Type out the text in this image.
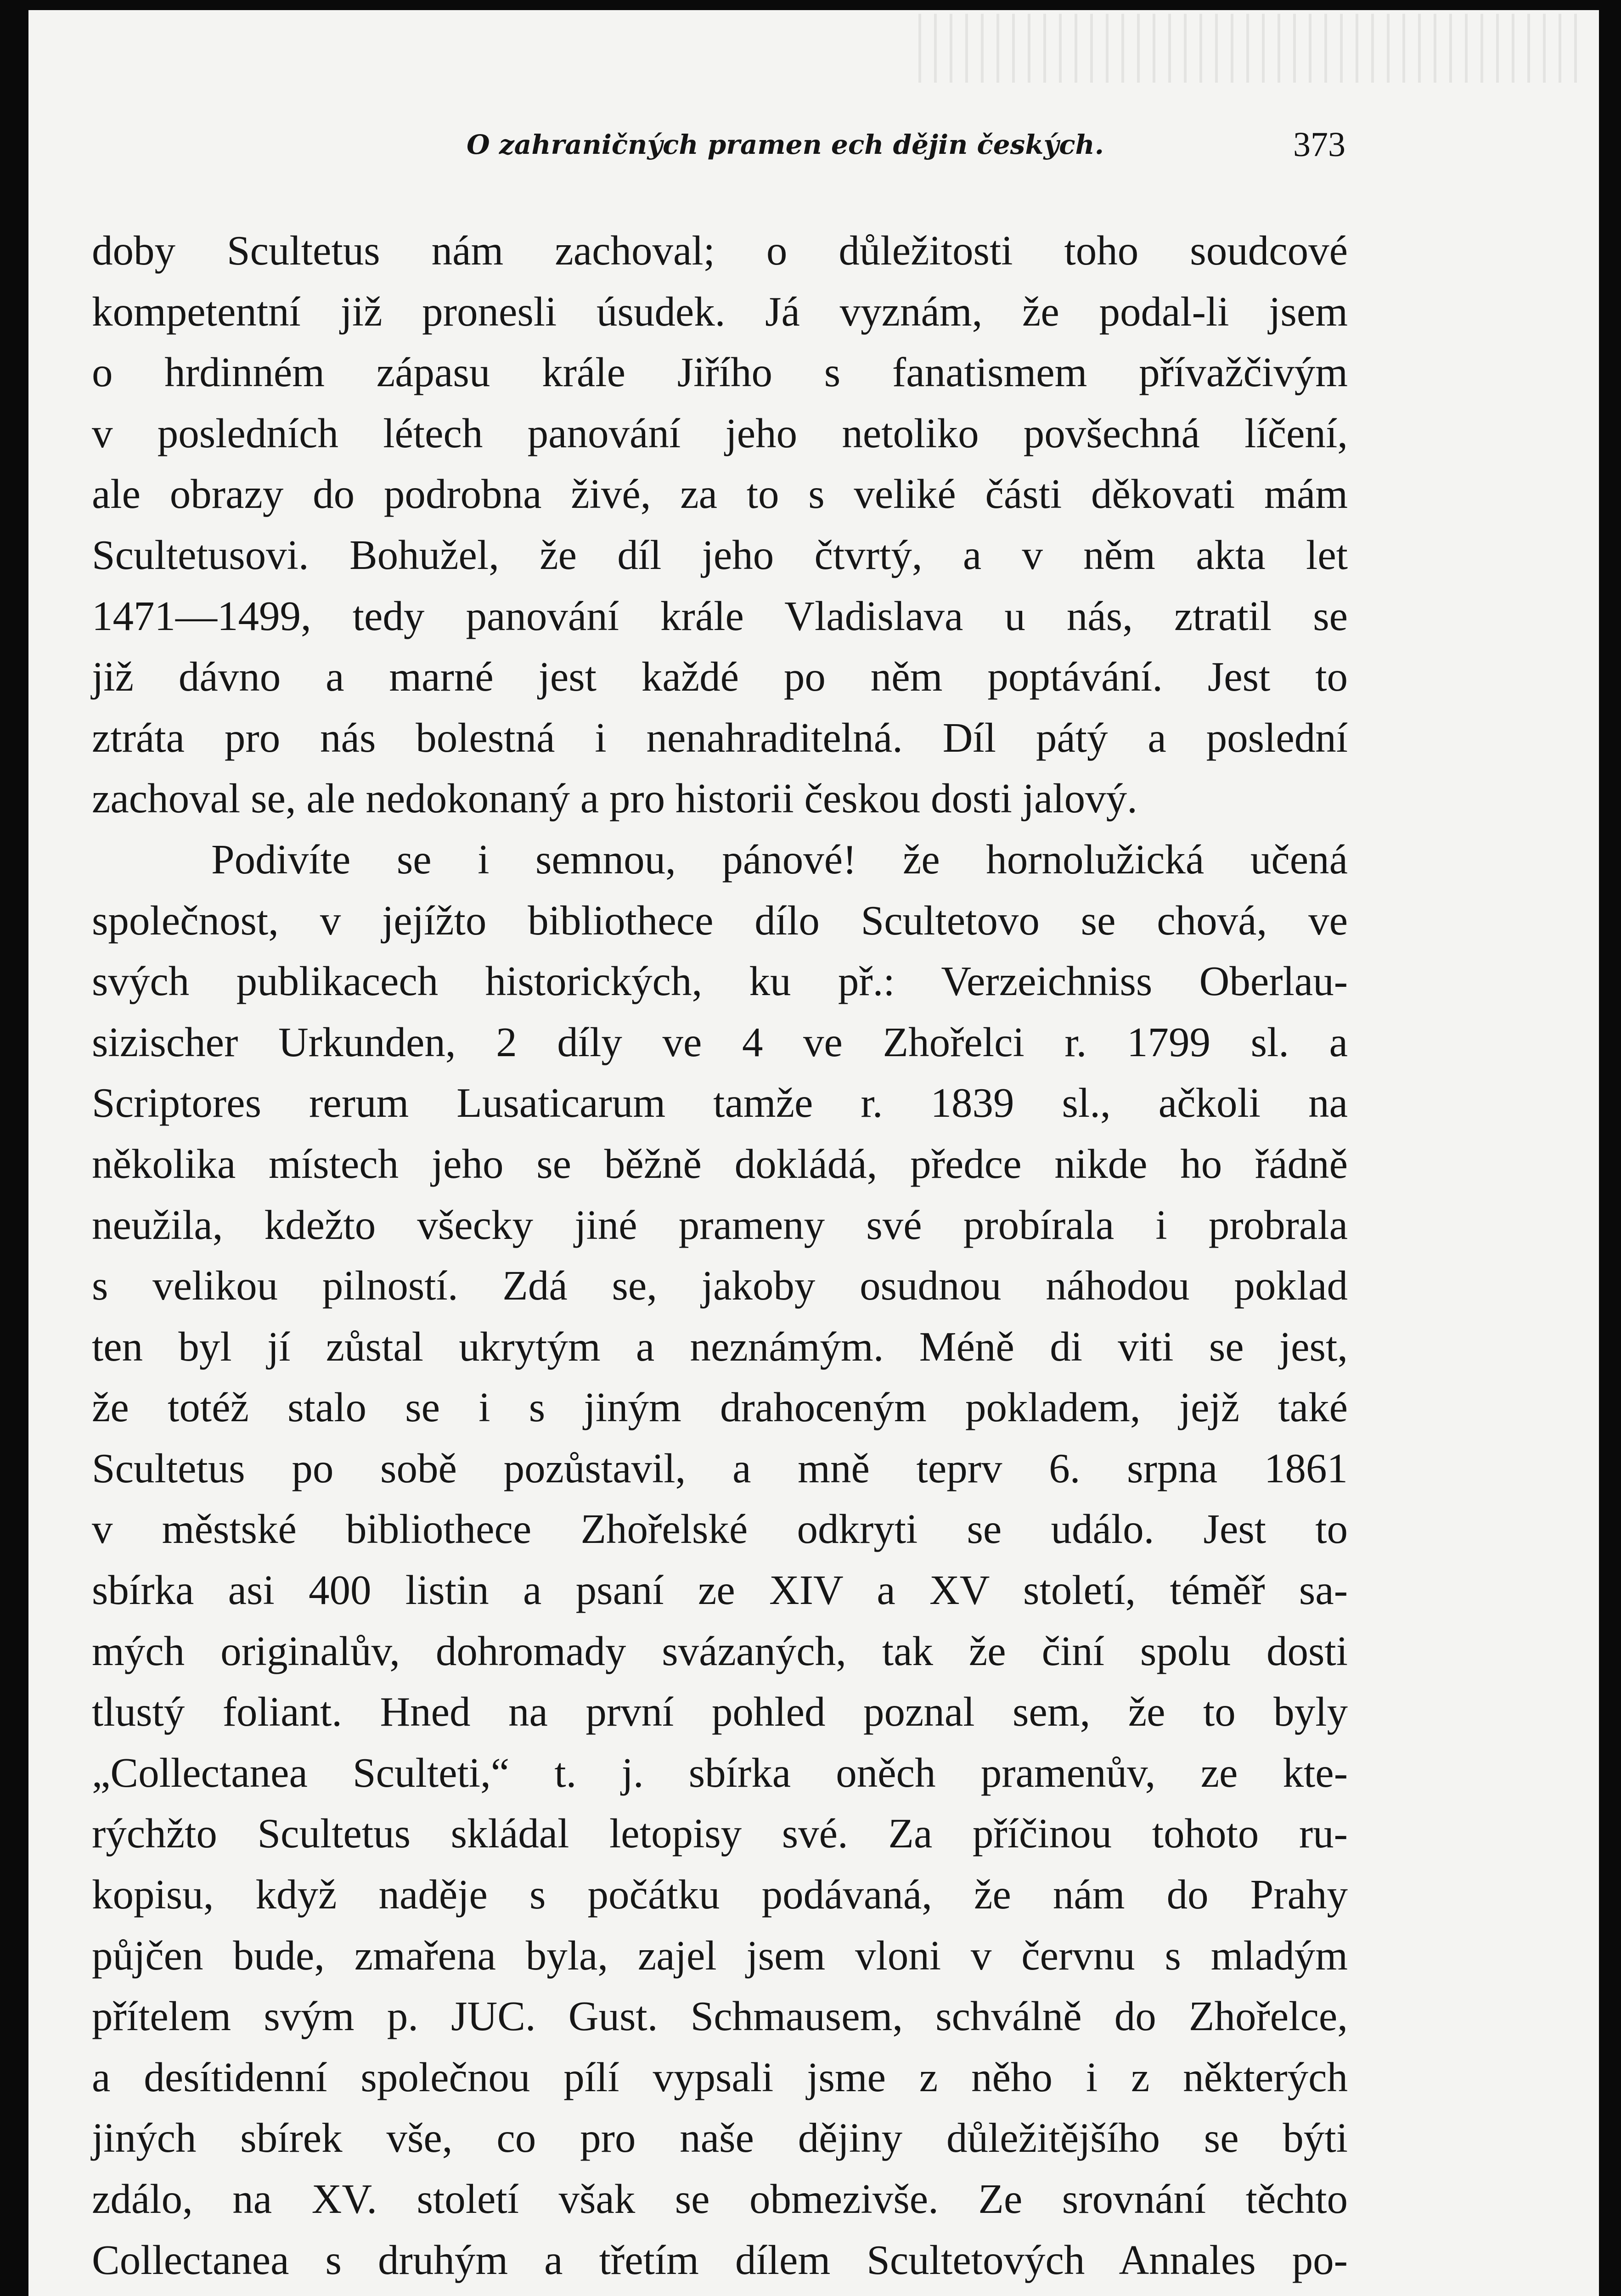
O zahraničných pramen ech dějin českých.	373
doby Scultetus nám zachoval; o důležitosti toho soudcové
kompetentní již pronesli úsudek. Já vyznám, že podal-li jsem
o hrdinném zápasu krále Jiřího s fanatismem přívažčivým
v posledních létech panování jeho netoliko povšechná líčení,
ale obrazy do podrobna živé, za to s veliké části děkovati mám
Scultetusovi. Bohužel, že díl jeho čtvrtý, a v něm akta let
1471—1499, tedy panování krále Vladislava u nás, ztratil se
již dávno a marné jest každé po něm poptávání. Jest to
ztráta pro nás bolestná i nenahraditelná. Díl pátý a poslední
zachoval se, ale nedokonaný a pro historii českou dosti jalový.
Podivíte se i semnou, pánové! že hornolužická učená
společnost, v jejížto bibliothece dílo Scultetovo se chová, ve
svých publikacech historických, ku př.: Verzeichniss Oberlau-
sizischer Urkunden, 2 díly ve 4 ve Zhořelci r. 1799 sl. a
Scriptores rerum Lusaticarum tamže r. 1839 sl., ačkoli na
několika místech jeho se běžně dokládá, předce nikde ho řádně
neužila, kdežto všecky jiné prameny své probírala i probrala
s velikou pilností. Zdá se, jakoby osudnou náhodou poklad
ten byl jí zůstal ukrytým a neznámým. Méně di viti se jest,
že totéž stalo se i s jiným drahoceným pokladem, jejž také
Scultetus po sobě pozůstavil, a mně teprv 6. srpna 1861
v městské bibliothece Zhořelské odkryti se událo. Jest to
sbírka asi 400 listin a psaní ze XIV a XV století, téměř sa-
mých originalův, dohromady svázaných, tak že činí spolu dosti
tlustý foliant. Hned na první pohled poznal sem, že to byly
„Collectanea Sculteti,“ t. j. sbírka oněch pramenův, ze kte-
rýchžto Scultetus skládal letopisy své. Za příčinou tohoto ru-
kopisu, když naděje s počátku podávaná, že nám do Prahy
půjčen bude, zmařena byla, zajel jsem vloni v červnu s mladým
přítelem svým p. JUC. Gust. Schmausem, schválně do Zhořelce,
a desítidenní společnou pílí vypsali jsme z něho i z některých
jiných sbírek vše, co pro naše dějiny důležitějšího se býti
zdálo, na XV. století však se obmezivše. Ze srovnání těchto
Collectanea s druhým a třetím dílem Scultetových Annales po-
